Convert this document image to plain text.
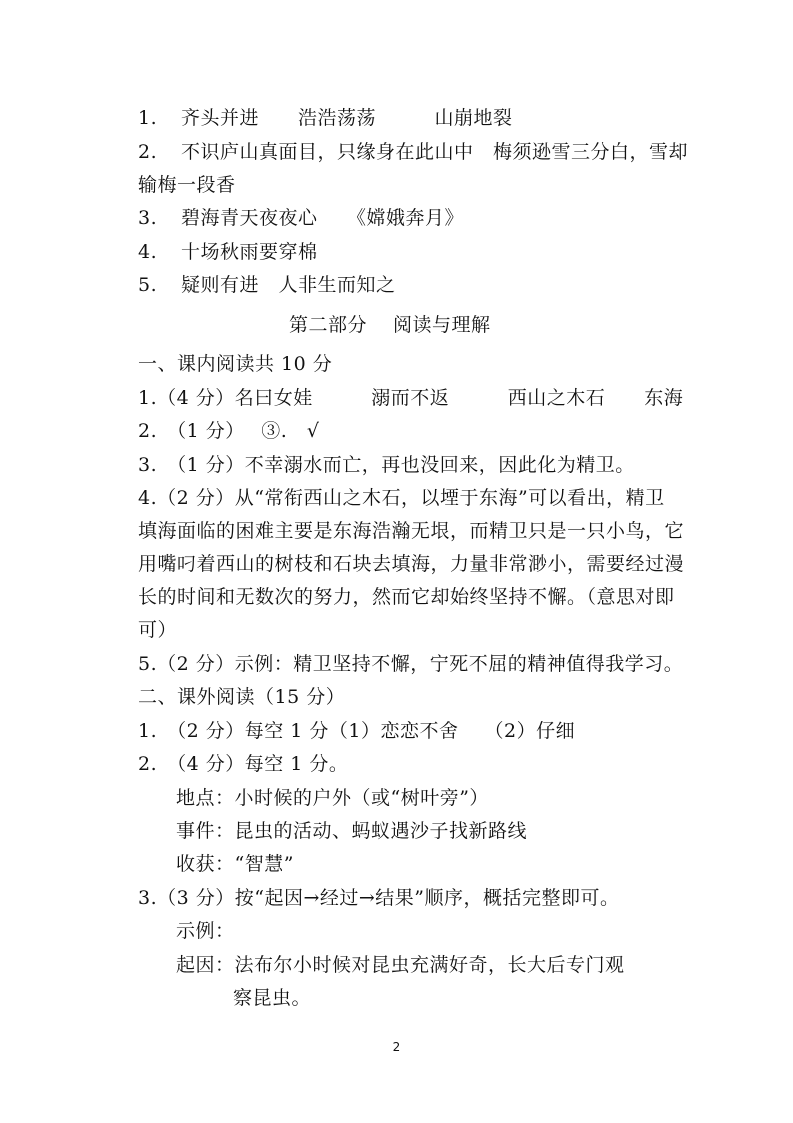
1. 齐头并进　　浩浩荡荡　　　山崩地裂
2. 不识庐山真面目，只缘身在此山中　梅须逊雪三分白，雪却
输梅一段香
3. 碧海青天夜夜心　　《嫦娥奔月》
4. 十场秋雨要穿棉
5. 疑则有进　人非生而知之
第二部分　 阅读与理解
一、课内阅读共 10 分
1.（4 分）名曰女娃　　　溺而不返　　　西山之木石　　东海
2.　（1 分）　 ③.　√
3.　（1 分）不幸溺水而亡，再也没回来，因此化为精卫。
4.（2 分）从“常衔西山之木石，以堙于东海”可以看出，精卫
填海面临的困难主要是东海浩瀚无垠，而精卫只是一只小鸟，它
用嘴叼着西山的树枝和石块去填海，力量非常渺小，需要经过漫
长的时间和无数次的努力，然而它却始终坚持不懈。（意思对即
可）
5.（2 分）示例：精卫坚持不懈，宁死不屈的精神值得我学习。
二、课外阅读（15 分）
1.　（2 分）每空 1 分（1）恋恋不舍　 （2）仔细
2.　（4 分）每空 1 分。
地点：小时候的户外（或“树叶旁”）
事件：昆虫的活动、蚂蚁遇沙子找新路线
收获：“智慧”
3.（3 分）按“起因→经过→结果”顺序，概括完整即可。
示例：
起因：法布尔小时候对昆虫充满好奇，长大后专门观
察昆虫。
2
